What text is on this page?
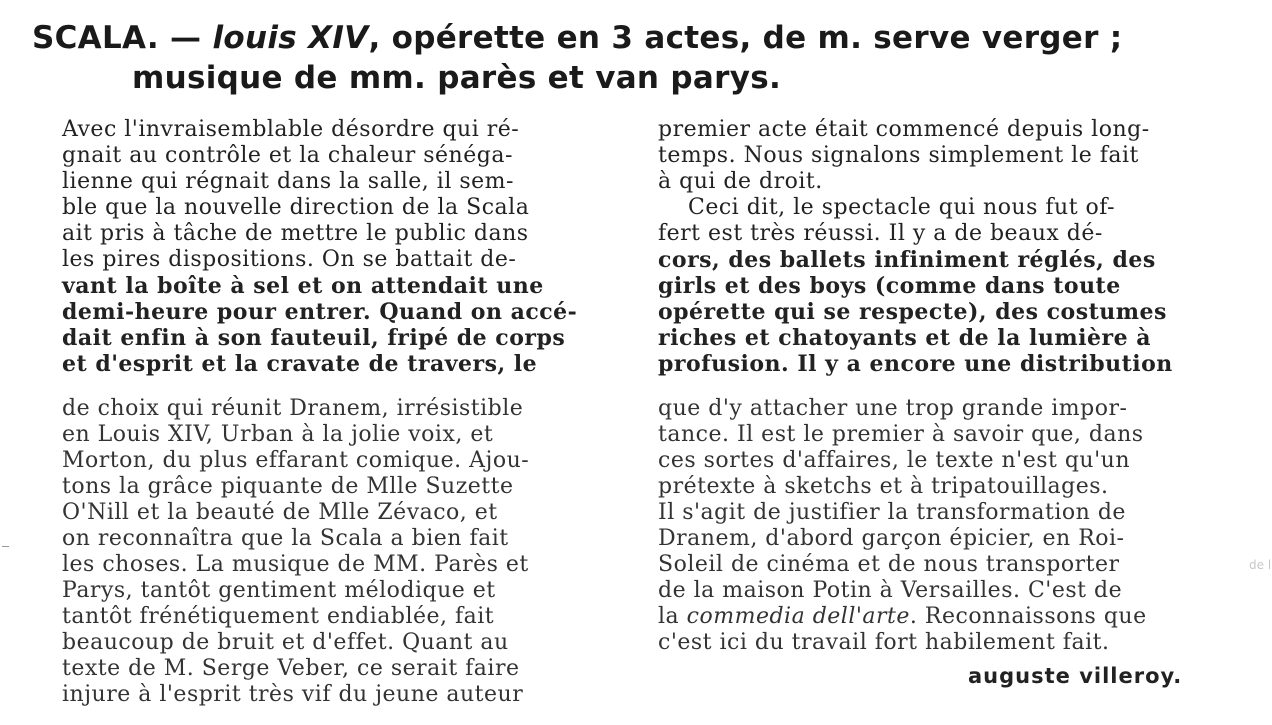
SCALA. — louis XIV, opérette en 3 actes, de m. serve verger ;
musique de mm. parès et van parys.
Avec l'invraisemblable désordre qui ré-
gnait au contrôle et la chaleur sénéga-
lienne qui régnait dans la salle, il sem-
ble que la nouvelle direction de la Scala
ait pris à tâche de mettre le public dans
les pires dispositions. On se battait de-
vant la boîte à sel et on attendait une
demi-heure pour entrer. Quand on accé-
dait enfin à son fauteuil, fripé de corps
et d'esprit et la cravate de travers, le
de choix qui réunit Dranem, irrésistible
en Louis XIV, Urban à la jolie voix, et
Morton, du plus effarant comique. Ajou-
tons la grâce piquante de Mlle Suzette
O'Nill et la beauté de Mlle Zévaco, et
on reconnaîtra que la Scala a bien fait
les choses. La musique de MM. Parès et
Parys, tantôt gentiment mélodique et
tantôt frénétiquement endiablée, fait
beaucoup de bruit et d'effet. Quant au
texte de M. Serge Veber, ce serait faire
injure à l'esprit très vif du jeune auteur
premier acte était commencé depuis long-
temps. Nous signalons simplement le fait
à qui de droit.
Ceci dit, le spectacle qui nous fut of-
fert est très réussi. Il y a de beaux dé-
cors, des ballets infiniment réglés, des
girls et des boys (comme dans toute
opérette qui se respecte), des costumes
riches et chatoyants et de la lumière à
profusion. Il y a encore une distribution
que d'y attacher une trop grande impor-
tance. Il est le premier à savoir que, dans
ces sortes d'affaires, le texte n'est qu'un
prétexte à sketchs et à tripatouillages.
Il s'agit de justifier la transformation de
Dranem, d'abord garçon épicier, en Roi-
Soleil de cinéma et de nous transporter
de la maison Potin à Versailles. C'est de
la commedia dell'arte. Reconnaissons que
c'est ici du travail fort habilement fait.
auguste villeroy.
de l
